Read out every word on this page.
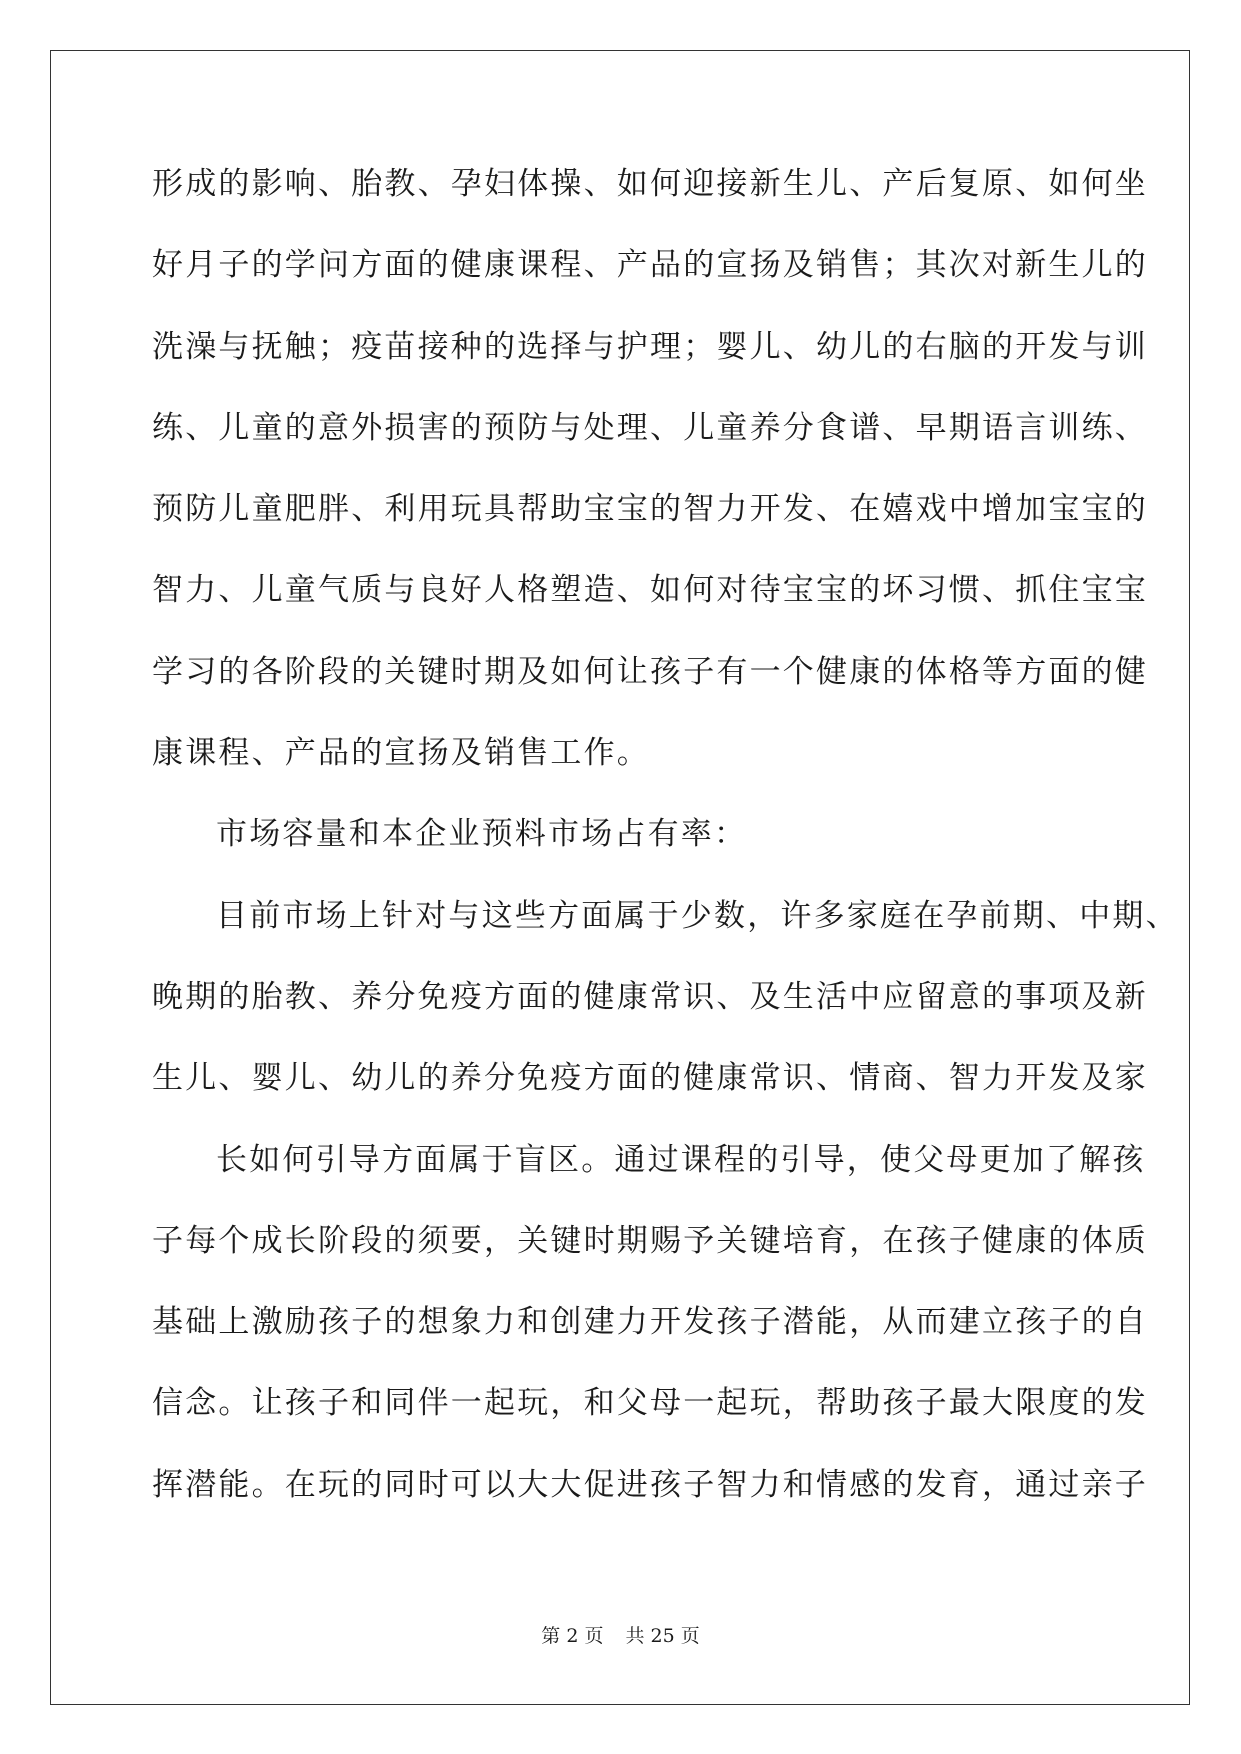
形成的影响、胎教、孕妇体操、如何迎接新生儿、产后复原、如何坐
好月子的学问方面的健康课程、产品的宣扬及销售；其次对新生儿的
洗澡与抚触；疫苗接种的选择与护理；婴儿、幼儿的右脑的开发与训
练、儿童的意外损害的预防与处理、儿童养分食谱、早期语言训练、
预防儿童肥胖、利用玩具帮助宝宝的智力开发、在嬉戏中增加宝宝的
智力、儿童气质与良好人格塑造、如何对待宝宝的坏习惯、抓住宝宝
学习的各阶段的关键时期及如何让孩子有一个健康的体格等方面的健
康课程、产品的宣扬及销售工作。
市场容量和本企业预料市场占有率：
目前市场上针对与这些方面属于少数，许多家庭在孕前期、中期、
晚期的胎教、养分免疫方面的健康常识、及生活中应留意的事项及新
生儿、婴儿、幼儿的养分免疫方面的健康常识、情商、智力开发及家
长如何引导方面属于盲区。通过课程的引导，使父母更加了解孩
子每个成长阶段的须要，关键时期赐予关键培育，在孩子健康的体质
基础上激励孩子的想象力和创建力开发孩子潜能，从而建立孩子的自
信念。让孩子和同伴一起玩，和父母一起玩，帮助孩子最大限度的发
挥潜能。在玩的同时可以大大促进孩子智力和情感的发育，通过亲子
第 2 页 共 25 页
